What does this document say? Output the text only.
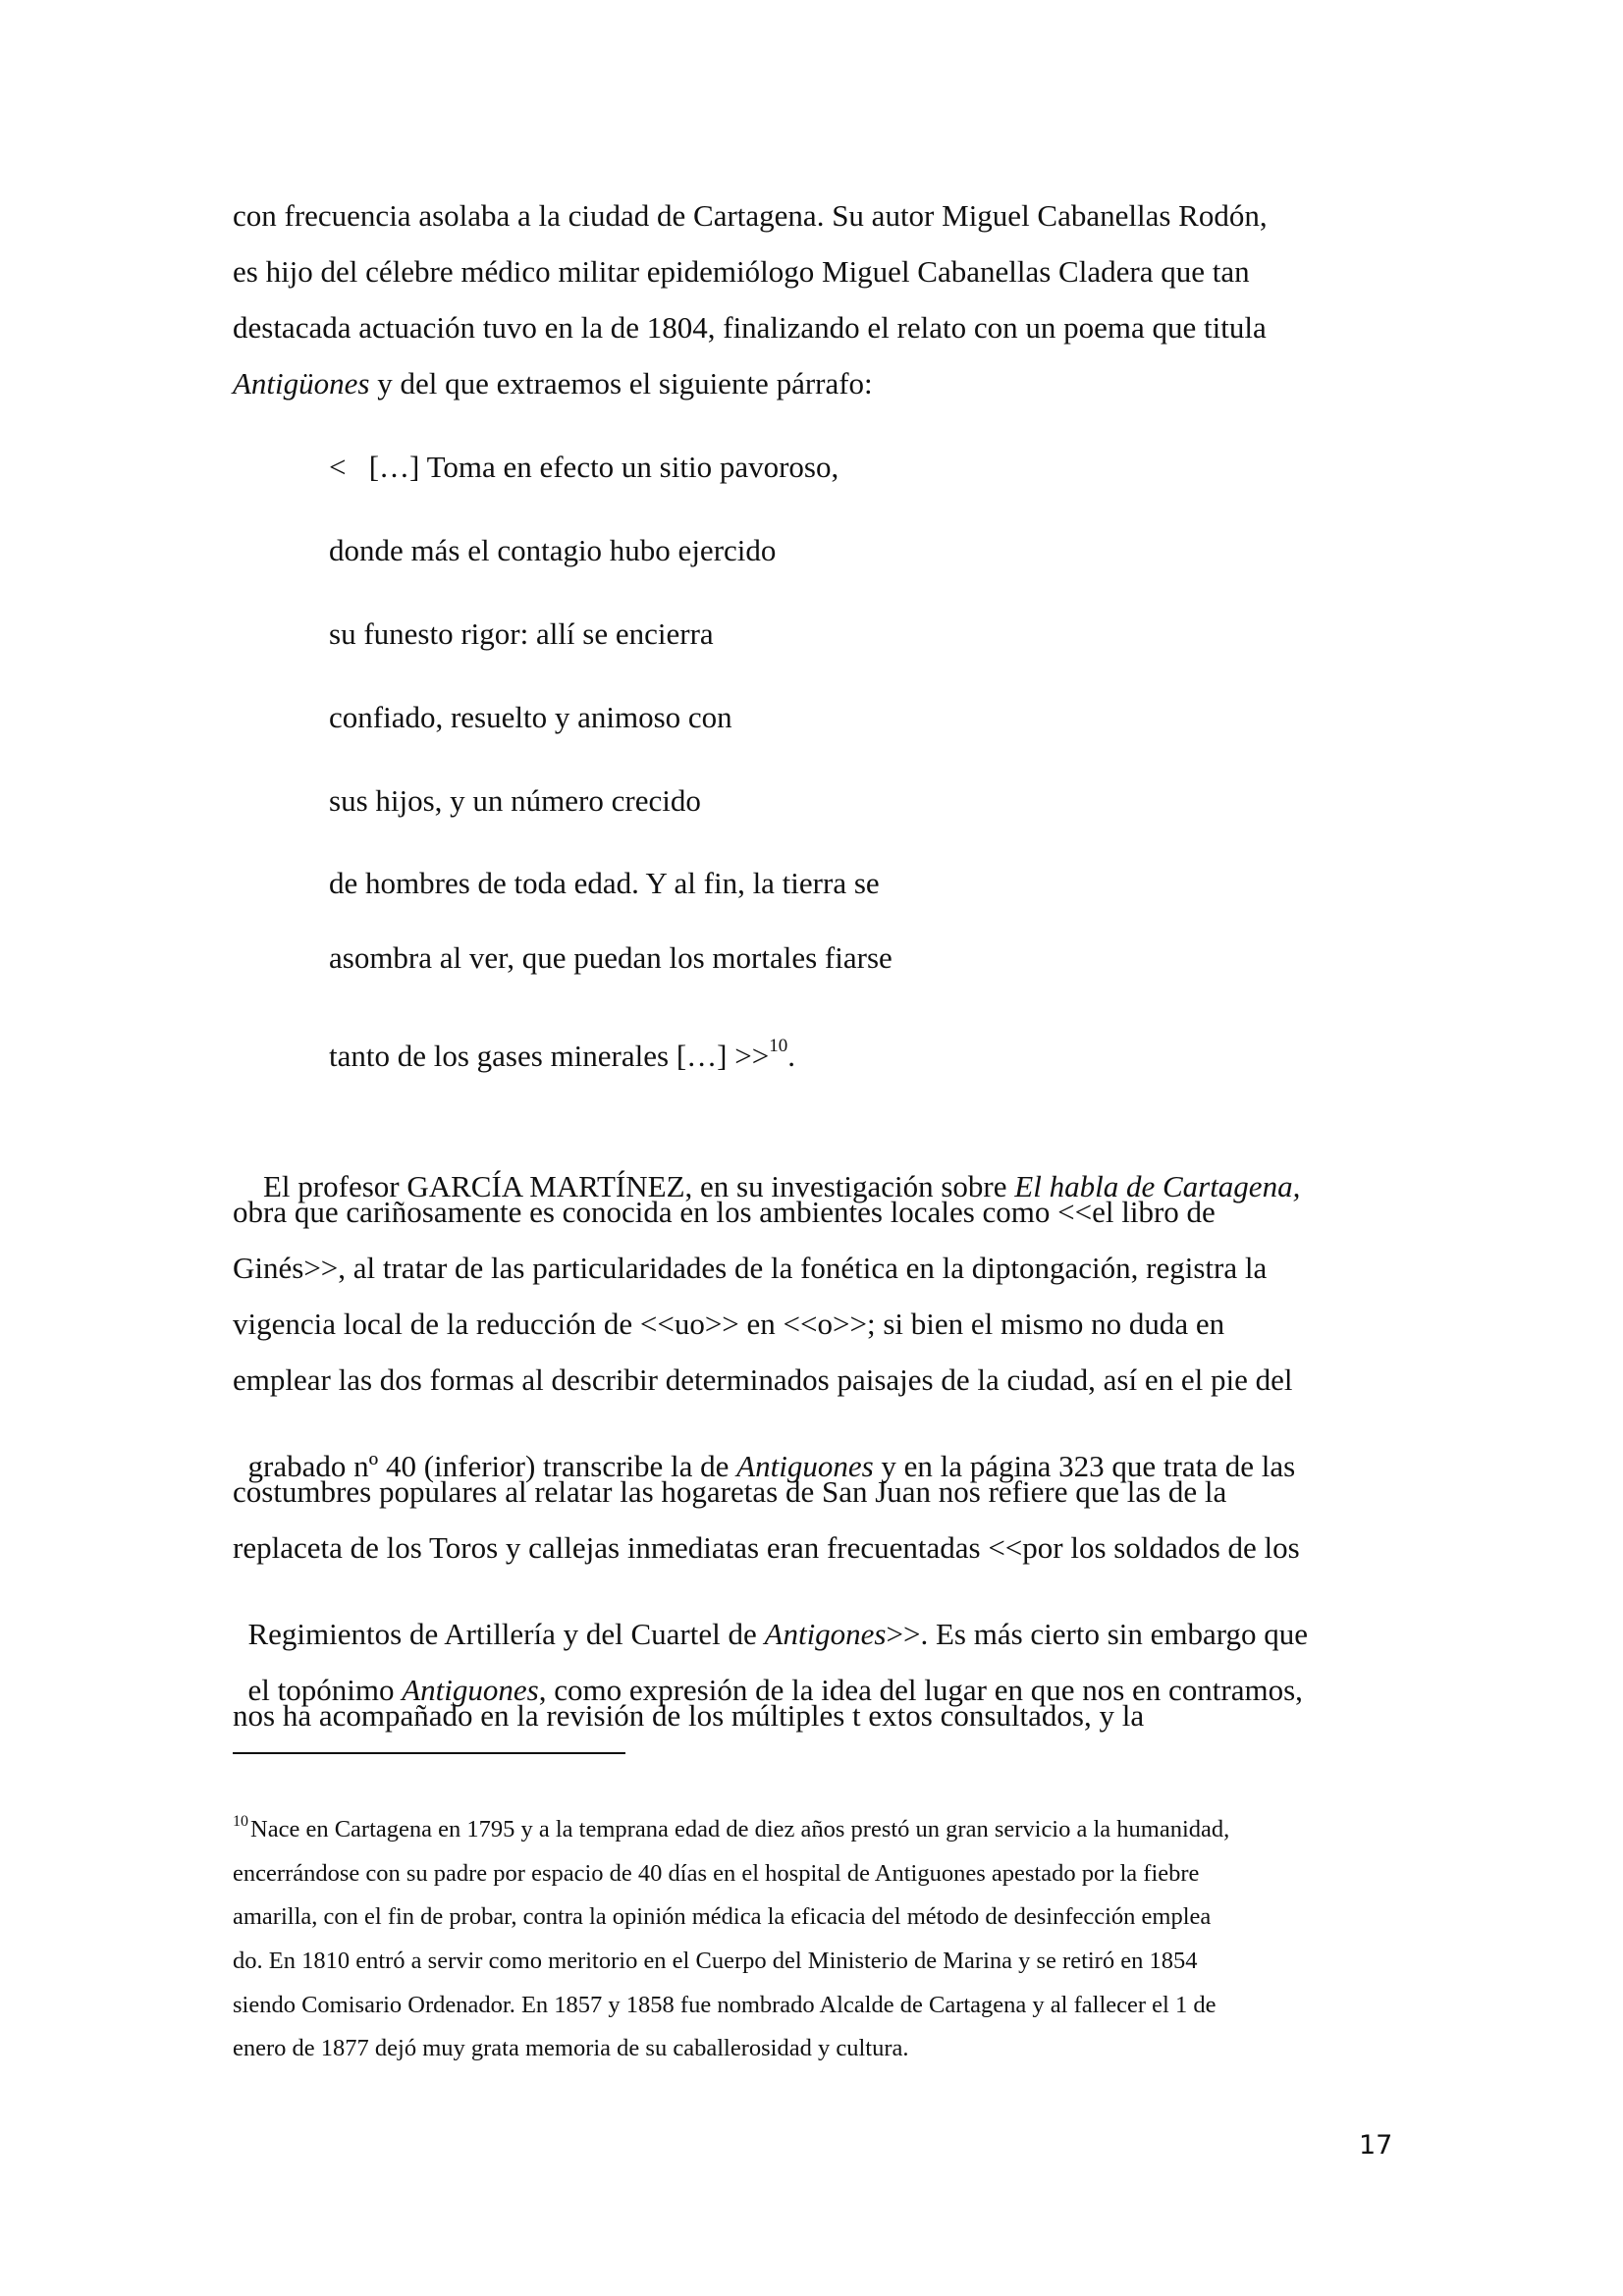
con frecuencia asolaba a la ciudad de Cartagena. Su autor Miguel Cabanellas Rodón,
es hijo del célebre médico militar epidemiólogo Miguel Cabanellas Cladera que tan
destacada actuación tuvo en la de 1804, finalizando el relato con un poema que titula
Antigüones y del que extraemos el siguiente párrafo:
<   […] Toma en efecto un sitio pavoroso,
donde más el contagio hubo ejercido
su funesto rigor: allí se encierra
confiado, resuelto y animoso con
sus hijos, y un número crecido
de hombres de toda edad. Y al fin, la tierra se
asombra al ver, que puedan los mortales fiarse
tanto de los gases minerales […] >>$^{10}$.

El profesor GARCÍA MARTÍNEZ, en su investigación sobre El habla de Cartagena,

obra que cariñosamente es conocida en los ambientes locales como <<el libro de
Ginés>>, al tratar de las particularidades de la fonética en la diptongación, registra la
vigencia local de la reducción de <<uo>> en <<o>>; si bien el mismo no duda en
emplear las dos formas al describir determinados paisajes de la ciudad, así en el pie del

grabado nº 40 (inferior) transcribe la de Antiguones y en la página 323 que trata de las

costumbres populares al relatar las hogaretas de San Juan nos refiere que las de la
replaceta de los Toros y callejas inmediatas eran frecuentadas <<por los soldados de los

Regimientos de Artillería y del Cuartel de Antigones>>. Es más cierto sin embargo que

el topónimo Antiguones, como expresión de la idea del lugar en que nos en contramos,

nos ha acompañado en la revisión de los múltiples t extos consultados, y la
$^{10}$Nace en Cartagena en 1795 y a la temprana edad de diez años prestó un gran servicio a la humanidad,
encerrándose con su padre por espacio de 40 días en el hospital de Antiguones apestado por la fiebre
amarilla, con el fin de probar, contra la opinión médica la eficacia del método de desinfección emplea
do. En 1810 entró a servir como meritorio en el Cuerpo del Ministerio de Marina y se retiró en 1854
siendo Comisario Ordenador. En 1857 y 1858 fue nombrado Alcalde de Cartagena y al fallecer el 1 de
enero de 1877 dejó muy grata memoria de su caballerosidad y cultura.
17
